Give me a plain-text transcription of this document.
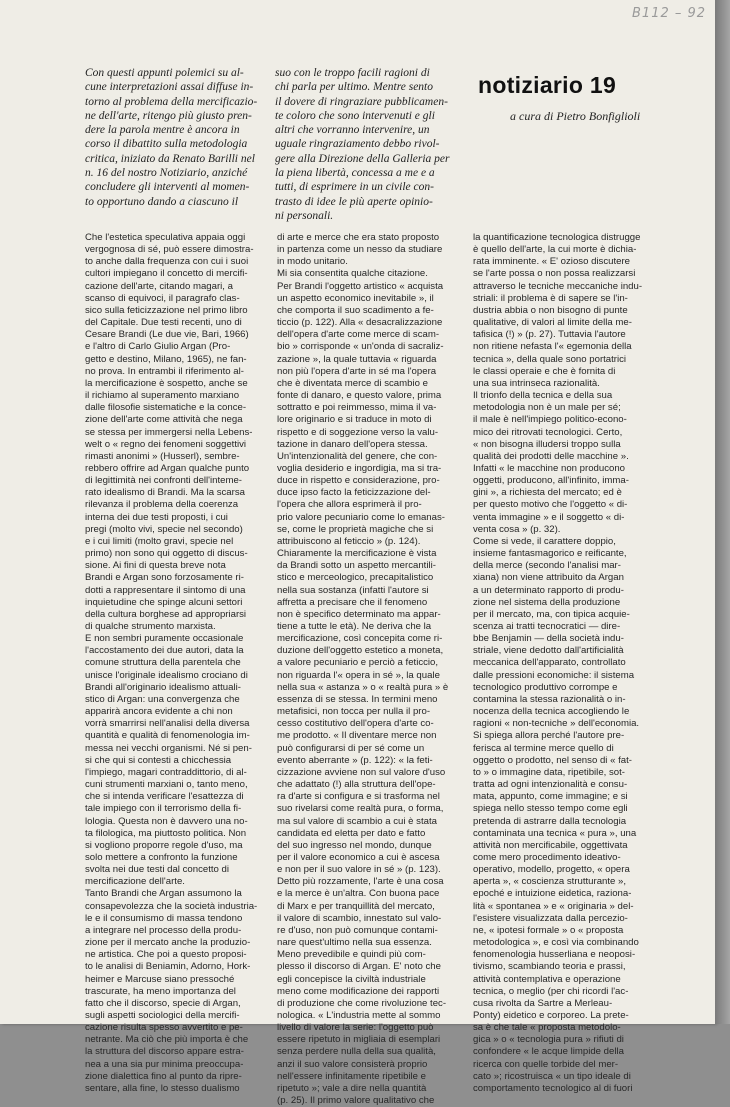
B112 – 92
Con questi appunti polemici su al-
cune interpretazioni assai diffuse in-
torno al problema della mercificazio-
ne dell'arte, ritengo più giusto pren-
dere la parola mentre è ancora in
corso il dibattito sulla metodologia
critica, iniziato da Renato Barilli nel
n. 16 del nostro Notiziario, anziché
concludere gli interventi al momen-
to opportuno dando a ciascuno il
suo con le troppo facili ragioni di
chi parla per ultimo. Mentre sento
il dovere di ringraziare pubblicamen-
te coloro che sono intervenuti e gli
altri che vorranno intervenire, un
uguale ringraziamento debbo rivol-
gere alla Direzione della Galleria per
la piena libertà, concessa a me e a
tutti, di esprimere in un civile con-
trasto di idee le più aperte opinio-
ni personali.
notiziario 19
a cura di Pietro Bonfiglioli
Che l'estetica speculativa appaia oggi
vergognosa di sé, può essere dimostra-
to anche dalla frequenza con cui i suoi
cultori impiegano il concetto di mercifi-
cazione dell'arte, citando magari, a
scanso di equivoci, il paragrafo clas-
sico sulla feticizzazione nel primo libro
del Capitale. Due testi recenti, uno di
Cesare Brandi (Le due vie, Bari, 1966)
e l'altro di Carlo Giulio Argan (Pro-
getto e destino, Milano, 1965), ne fan-
no prova. In entrambi il riferimento al-
la mercificazione è sospetto, anche se
il richiamo al superamento marxiano
dalle filosofie sistematiche e la conce-
zione dell'arte come attività che nega
se stessa per immergersi nella Lebens-
welt o « regno dei fenomeni soggettivi
rimasti anonimi » (Husserl), sembre-
rebbero offrire ad Argan qualche punto
di legittimità nei confronti dell'inteme-
rato idealismo di Brandi. Ma la scarsa
rilevanza il problema della coerenza
interna dei due testi proposti, i cui
pregi (molto vivi, specie nel secondo)
e i cui limiti (molto gravi, specie nel
primo) non sono qui oggetto di discus-
sione. Ai fini di questa breve nota
Brandi e Argan sono forzosamente ri-
dotti a rappresentare il sintomo di una
inquietudine che spinge alcuni settori
della cultura borghese ad appropriarsi
di qualche strumento marxista.
E non sembri puramente occasionale
l'accostamento dei due autori, data la
comune struttura della parentela che
unisce l'originale idealismo crociano di
Brandi all'originario idealismo attuali-
stico di Argan: una convergenza che
apparirà ancora evidente a chi non
vorrà smarrirsi nell'analisi della diversa
quantità e qualità di fenomenologia im-
messa nei vecchi organismi. Né si pen-
si che qui si contesti a chicchessia
l'impiego, magari contraddittorio, di al-
cuni strumenti marxiani o, tanto meno,
che si intenda verificare l'esattezza di
tale impiego con il terrorismo della fi-
lologia. Questa non è davvero una no-
ta filologica, ma piuttosto politica. Non
si vogliono proporre regole d'uso, ma
solo mettere a confronto la funzione
svolta nei due testi dal concetto di
mercificazione dell'arte.
Tanto Brandi che Argan assumono la
consapevolezza che la società industria-
le e il consumismo di massa tendono
a integrare nel processo della produ-
zione per il mercato anche la produzio-
ne artistica. Che poi a questo proposi-
to le analisi di Beniamin, Adorno, Hork-
heimer e Marcuse siano pressoché
trascurate, ha meno importanza del
fatto che il discorso, specie di Argan,
sugli aspetti sociologici della mercifi-
cazione risulta spesso avvertito e pe-
netrante. Ma ciò che più importa è che
la struttura del discorso appare estra-
nea a una sia pur minima preoccupa-
zione dialettica fino al punto da ripre-
sentare, alla fine, lo stesso dualismo
di arte e merce che era stato proposto
in partenza come un nesso da studiare
in modo unitario.
Mi sia consentita qualche citazione.
Per Brandi l'oggetto artistico « acquista
un aspetto economico inevitabile », il
che comporta il suo scadimento a fe-
ticcio (p. 122). Alla « desacralizzazione
dell'opera d'arte come merce di scam-
bio » corrisponde « un'onda di sacraliz-
zazione », la quale tuttavia « riguarda
non più l'opera d'arte in sé ma l'opera
che è diventata merce di scambio e
fonte di danaro, e questo valore, prima
sottratto e poi reimmesso, mima il va-
lore originario e si traduce in moto di
rispetto e di soggezione verso la valu-
tazione in danaro dell'opera stessa.
Un'intenzionalità del genere, che con-
voglia desiderio e ingordigia, ma si tra-
duce in rispetto e considerazione, pro-
duce ipso facto la feticizzazione del-
l'opera che allora esprimerà il pro-
prio valore pecuniario come lo emanas-
se, come le proprietà magiche che si
attribuiscono al feticcio » (p. 124).
Chiaramente la mercificazione è vista
da Brandi sotto un aspetto mercantili-
stico e merceologico, precapitalistico
nella sua sostanza (infatti l'autore si
affretta a precisare che il fenomeno
non è specifico determinato ma appar-
tiene a tutte le età). Ne deriva che la
mercificazione, così concepita come ri-
duzione dell'oggetto estetico a moneta,
a valore pecuniario e perciò a feticcio,
non riguarda l'« opera in sé », la quale
nella sua « astanza » o « realtà pura » è
essenza di se stessa. In termini meno
metafisici, non tocca per nulla il pro-
cesso costitutivo dell'opera d'arte co-
me prodotto. « Il diventare merce non
può configurarsi di per sé come un
evento aberrante » (p. 122): « la feti-
cizzazione avviene non sul valore d'uso
che adattato (!) alla struttura dell'ope-
ra d'arte si configura e si trasforma nel
suo rivelarsi come realtà pura, o forma,
ma sul valore di scambio a cui è stata
candidata ed eletta per dato e fatto
del suo ingresso nel mondo, dunque
per il valore economico a cui è ascesa
e non per il suo valore in sé » (p. 123).
Detto più rozzamente, l'arte è una cosa
e la merce è un'altra. Con buona pace
di Marx e per tranquillità del mercato,
il valore di scambio, innestato sul valo-
re d'uso, non può comunque contami-
nare quest'ultimo nella sua essenza.
Meno prevedibile e quindi più com-
plesso il discorso di Argan. E' noto che
egli concepisce la civiltà industriale
meno come modificazione dei rapporti
di produzione che come rivoluzione tec-
nologica. « L'industria mette al sommo
livello di valore la serie: l'oggetto può
essere ripetuto in migliaia di esemplari
senza perdere nulla della sua qualità,
anzi il suo valore consisterà proprio
nell'essere infinitamente ripetibile e
ripetuto »; vale a dire nella quantità
(p. 25). Il primo valore qualitativo che
la quantificazione tecnologica distrugge
è quello dell'arte, la cui morte è dichia-
rata imminente. « E' ozioso discutere
se l'arte possa o non possa realizzarsi
attraverso le tecniche meccaniche indu-
striali: il problema è di sapere se l'in-
dustria abbia o non bisogno di punte
qualitative, di valori al limite della me-
tafisica (!) » (p. 27). Tuttavia l'autore
non ritiene nefasta l'« egemonia della
tecnica », della quale sono portatrici
le classi operaie e che è fornita di
una sua intrinseca razionalità.
Il trionfo della tecnica e della sua
metodologia non è un male per sé;
il male è nell'impiego politico-econo-
mico dei ritrovati tecnologici. Certo,
« non bisogna illudersi troppo sulla
qualità dei prodotti delle macchine ».
Infatti « le macchine non producono
oggetti, producono, all'infinito, imma-
gini », a richiesta del mercato; ed è
per questo motivo che l'oggetto « di-
venta immagine » e il soggetto « di-
venta cosa » (p. 32).
Come si vede, il carattere doppio,
insieme fantasmagorico e reificante,
della merce (secondo l'analisi mar-
xiana) non viene attribuito da Argan
a un determinato rapporto di produ-
zione nel sistema della produzione
per il mercato, ma, con tipica acquie-
scenza ai tratti tecnocratici — dire-
bbe Benjamin — della società indu-
striale, viene dedotto dall'artificialità
meccanica dell'apparato, controllato
dalle pressioni economiche: il sistema
tecnologico produttivo corrompe e
contamina la stessa razionalità o in-
nocenza della tecnica accogliendo le
ragioni « non-tecniche » dell'economia.
Si spiega allora perché l'autore pre-
ferisca al termine merce quello di
oggetto o prodotto, nel senso di « fat-
to » o immagine data, ripetibile, sot-
tratta ad ogni intenzionalità e consu-
mata, appunto, come immagine; e si
spiega nello stesso tempo come egli
pretenda di astrarre dalla tecnologia
contaminata una tecnica « pura », una
attività non mercificabile, oggettivata
come mero procedimento ideativo-
operativo, modello, progetto, « opera
aperta », « coscienza strutturante »,
epoché e intuizione eidetica, raziona-
lità « spontanea » e « originaria » del-
l'esistere visualizzata dalla percezio-
ne, « ipotesi formale » o « proposta
metodologica », e così via combinando
fenomenologia husserliana e neoposi-
tivismo, scambiando teoria e prassi,
attività contemplativa e operazione
tecnica, o meglio (per chi ricordi l'ac-
cusa rivolta da Sartre a Merleau-
Ponty) eidetico e corporeo. La prete-
sa è che tale « proposta metodolo-
gica » o « tecnologia pura » rifiuti di
confondere « le acque limpide della
ricerca con quelle torbide del mer-
cato »; ricostruisca « un tipo ideale di
comportamento tecnologico al di fuori
